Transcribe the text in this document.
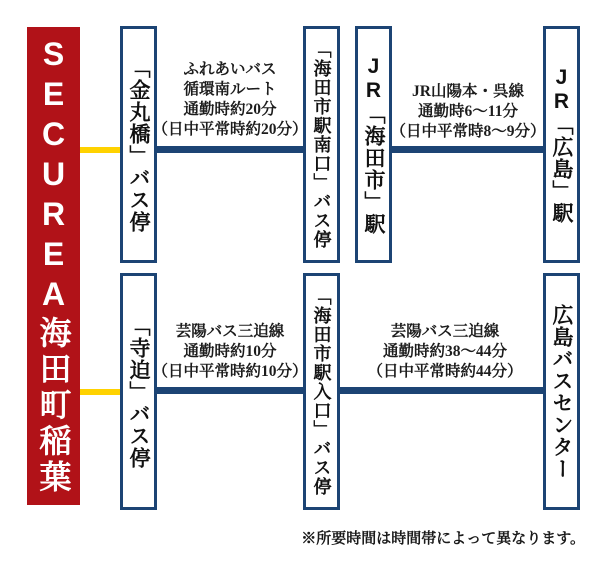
SECUREA海田町稲葉	「金丸橋」バス停	「海田市駅南口」バス停 JR「海田市」駅	JR「広島」駅
「寺迫」バス停	「海田市駅入口」バス停	広島バスセンター
ふれあいバス
循環南ルート
通勤時約20分
（日中平常時約20分）
JR山陽本・呉線
通勤時6〜11分
（日中平常時8〜9分）
芸陽バス三迫線
通勤時約10分
（日中平常時約10分）
芸陽バス三迫線
通勤時約38〜44分
（日中平常時約44分）
※所要時間は時間帯によって異なります。
